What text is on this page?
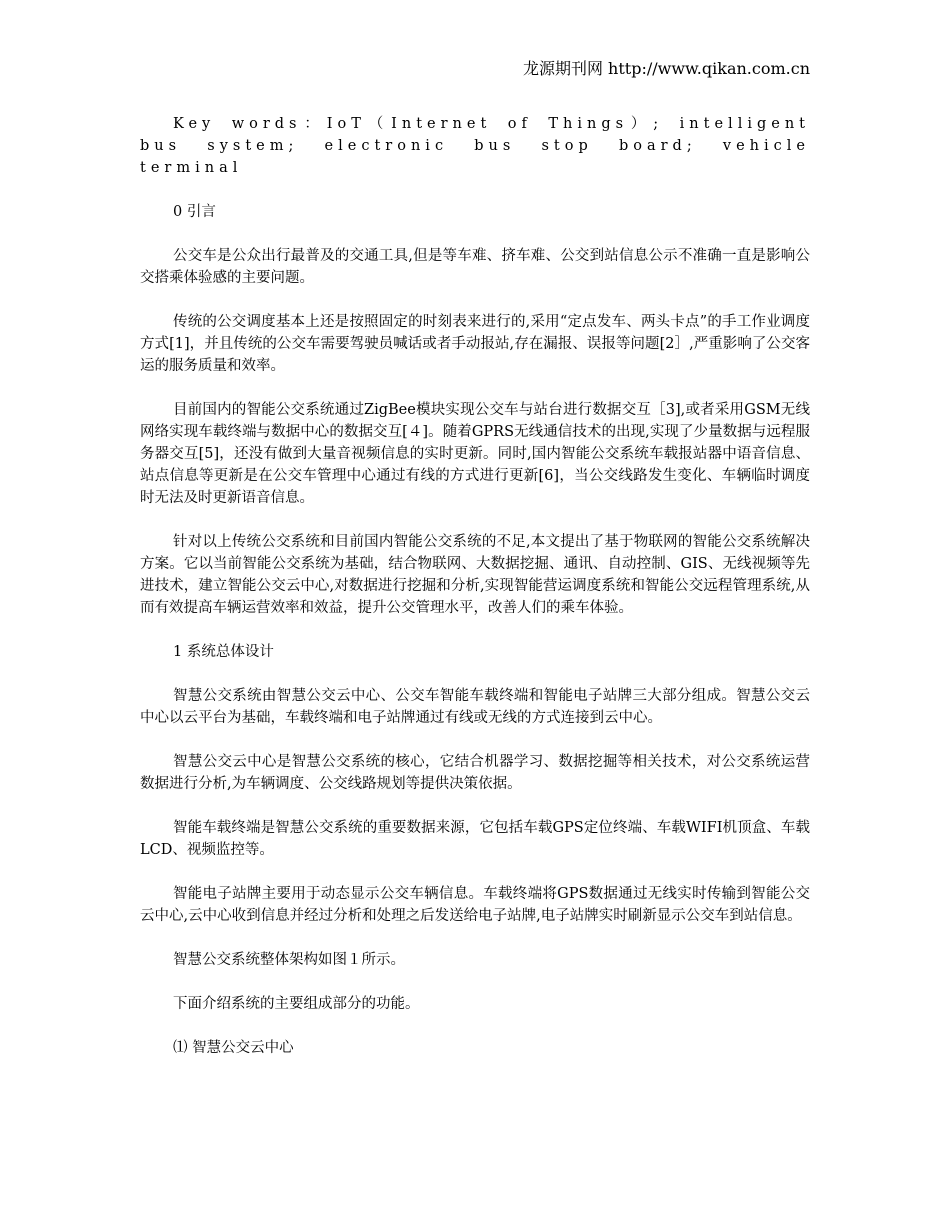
龙源期刊网 http://www.qikan.com.cn

Key words：IoT（Internet of Things）; intelligent bus system; electronic bus stop board; vehicle terminal

0 引言

公交车是公众出行最普及的交通工具,但是等车难、挤车难、公交到站信息公示不准确一直是影响公交搭乘体验感的主要问题。

传统的公交调度基本上还是按照固定的时刻表来进行的,采用“定点发车、两头卡点”的手工作业调度方式[1]，并且传统的公交车需要驾驶员喊话或者手动报站,存在漏报、误报等问题[2］,严重影响了公交客运的服务质量和效率。

目前国内的智能公交系统通过ZigBee模块实现公交车与站台进行数据交互［3],或者采用GSM无线网络实现车载终端与数据中心的数据交互[４]。随着GPRS无线通信技术的出现,实现了少量数据与远程服务器交互[5]，还没有做到大量音视频信息的实时更新。同时,国内智能公交系统车载报站器中语音信息、站点信息等更新是在公交车管理中心通过有线的方式进行更新[6]，当公交线路发生变化、车辆临时调度时无法及时更新语音信息。

针对以上传统公交系统和目前国内智能公交系统的不足,本文提出了基于物联网的智能公交系统解决方案。它以当前智能公交系统为基础，结合物联网、大数据挖掘、通讯、自动控制、GIS、无线视频等先进技术，建立智能公交云中心,对数据进行挖掘和分析,实现智能营运调度系统和智能公交远程管理系统,从而有效提高车辆运营效率和效益，提升公交管理水平，改善人们的乘车体验。

1 系统总体设计

智慧公交系统由智慧公交云中心、公交车智能车载终端和智能电子站牌三大部分组成。智慧公交云中心以云平台为基础，车载终端和电子站牌通过有线或无线的方式连接到云中心。

智慧公交云中心是智慧公交系统的核心，它结合机器学习、数据挖掘等相关技术，对公交系统运营数据进行分析,为车辆调度、公交线路规划等提供决策依据。

智能车载终端是智慧公交系统的重要数据来源，它包括车载GPS定位终端、车载WIFI机顶盒、车载LCD、视频监控等。

智能电子站牌主要用于动态显示公交车辆信息。车载终端将GPS数据通过无线实时传输到智能公交云中心,云中心收到信息并经过分析和处理之后发送给电子站牌,电子站牌实时刷新显示公交车到站信息。

智慧公交系统整体架构如图１所示。

下面介绍系统的主要组成部分的功能。

⑴ 智慧公交云中心
